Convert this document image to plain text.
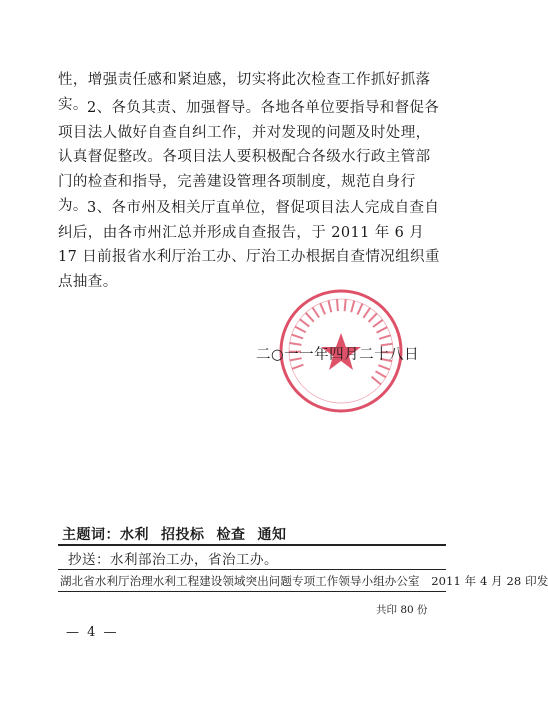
性，增强责任感和紧迫感，切实将此次检查工作抓好抓落实。 2、各负其责、加强督导。各地各单位要指导和督促各项目法人做好自查自纠工作，并对发现的问题及时处理，认真督促整改。各项目法人要积极配合各级水行政主管部门的检查和指导，完善建设管理各项制度，规范自身行为。 3、各市州及相关厅直单位，督促项目法人完成自查自纠后，由各市州汇总并形成自查报告，于 2011 年 6 月 17 日前报省水利厅治工办、厅治工办根据自查情况组织重点抽查。
二○一一年四月二十八日
主题词：水利 招投标 检查 通知
抄送：水利部治工办，省治工办。
湖北省水利厅治理水利工程建设领域突出问题专项工作领导小组办公室　2011 年 4 月 28 印发
共印 80 份
— 4 —
